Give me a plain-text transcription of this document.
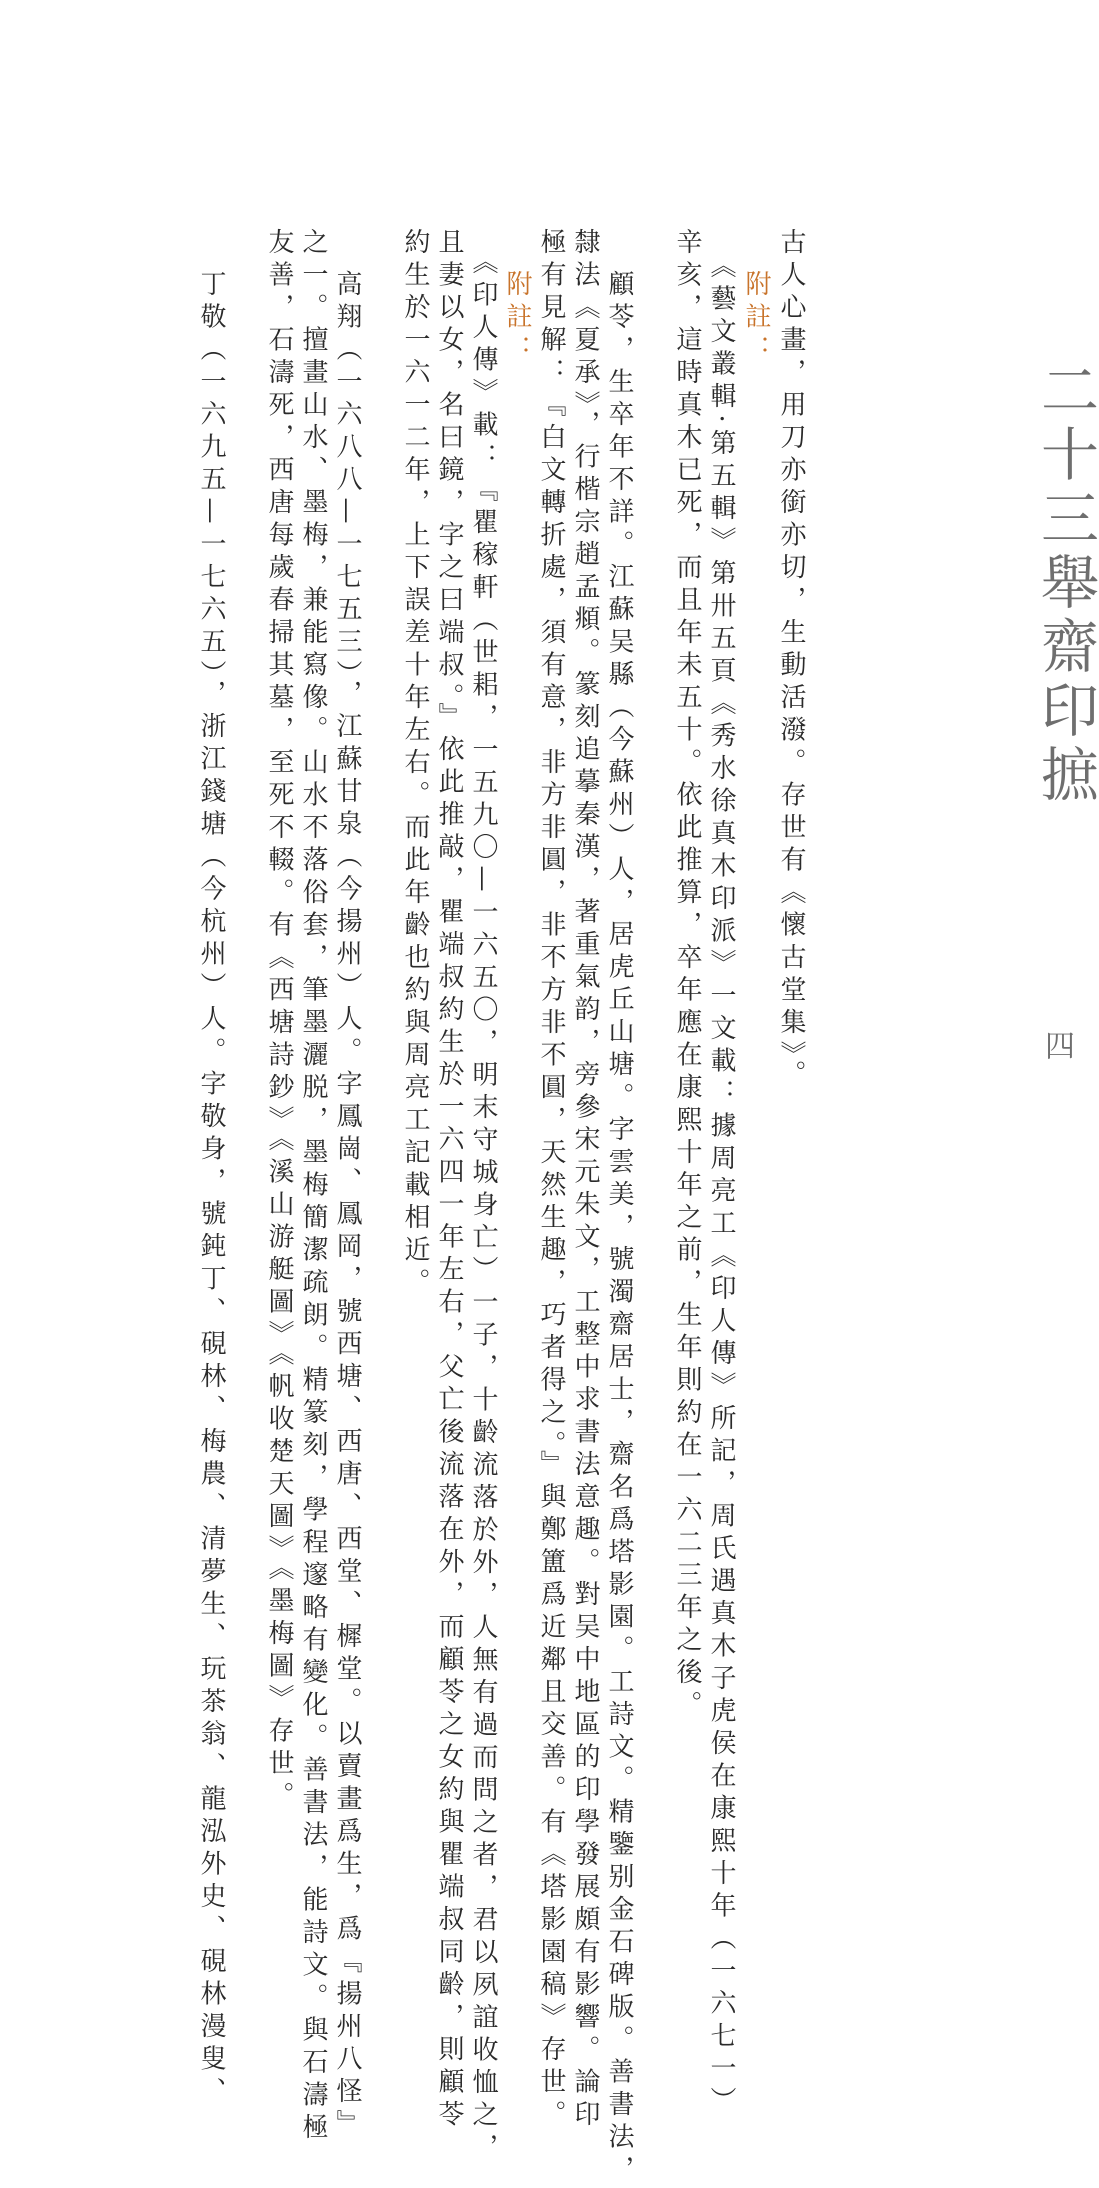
二十三舉齋印摭
四
古人心畫，用刀亦銜亦切，生動活潑。存世有《懷古堂集》。
附註：
《藝文叢輯·第五輯》第卅五頁《秀水徐真木印派》一文載：據周亮工《印人傳》所記，周氏遇真木子虎侯在康熙十年（一六七一）
辛亥，這時真木已死，而且年未五十。依此推算，卒年應在康熙十年之前，生年則約在一六二三年之後。
顧苓，生卒年不詳。江蘇吴縣（今蘇州）人，居虎丘山塘。字雲美，號濁齋居士，齋名爲塔影園。工詩文。精鑒别金石碑版。善書法，
隸法《夏承》，行楷宗趙孟頫。篆刻追摹秦漢，著重氣韵，旁參宋元朱文，工整中求書法意趣。對吴中地區的印學發展頗有影響。論印
極有見解：『白文轉折處，須有意，非方非圓，非不方非不圓，天然生趣，巧者得之。』與鄭簠爲近鄰且交善。有《塔影園稿》存世。
附註：
《印人傳》載：『瞿稼軒（世耜，一五九〇—一六五〇，明末守城身亡）一子，十齡流落於外，人無有過而問之者，君以夙誼收恤之，
且妻以女，名曰鏡，字之曰端叔。』依此推敲，瞿端叔約生於一六四一年左右，父亡後流落在外，而顧苓之女約與瞿端叔同齡，則顧苓
約生於一六一二年，上下誤差十年左右。而此年齡也約與周亮工記載相近。
高翔（一六八八—一七五三），江蘇甘泉（今揚州）人。字鳳崗、鳳岡，號西塘、西唐、西堂、樨堂。以賣畫爲生，爲『揚州八怪』
之一。擅畫山水、墨梅，兼能寫像。山水不落俗套，筆墨灑脱，墨梅簡潔疏朗。精篆刻，學程邃略有變化。善書法，能詩文。與石濤極
友善，石濤死，西唐每歲春掃其墓，至死不輟。有《西塘詩鈔》《溪山游艇圖》《帆收楚天圖》《墨梅圖》存世。
丁敬（一六九五—一七六五），浙江錢塘（今杭州）人。字敬身，號鈍丁、硯林、梅農、清夢生、玩茶翁、龍泓外史、硯林漫叟、
